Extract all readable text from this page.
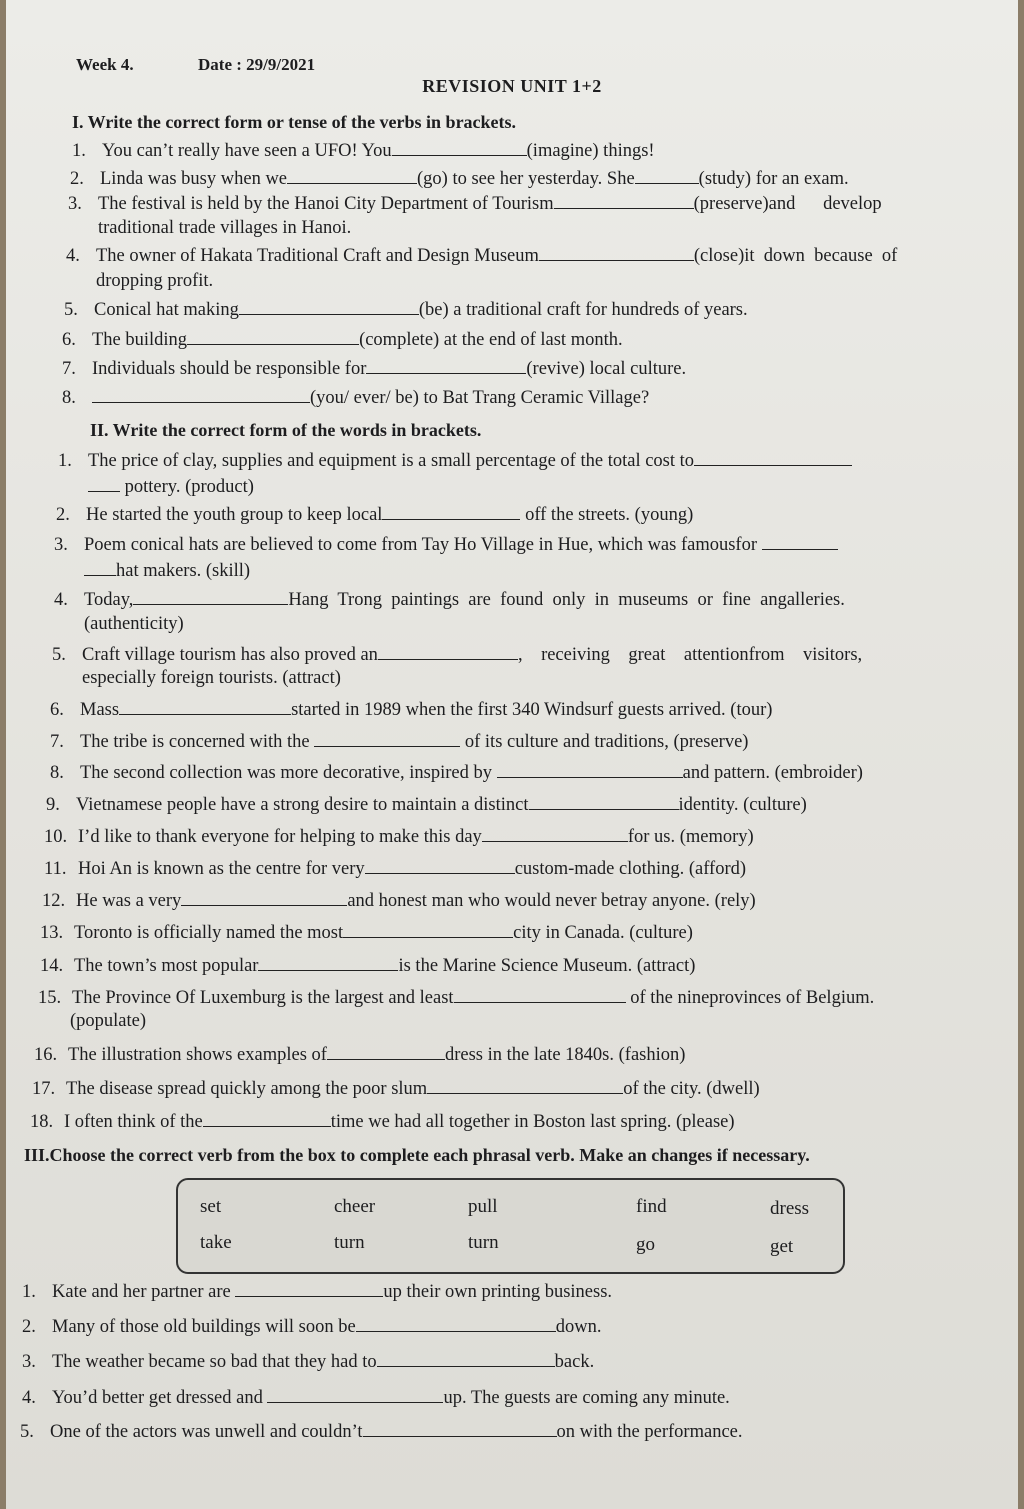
Week 4.	Date : 29/9/2021
REVISION UNIT 1+2
I. Write the correct form or tense of the verbs in brackets.
1. You can’t really have seen a UFO! You	(imagine) things!
2. Linda was busy when we	(go) to see her yesterday. She	(study) for an exam.
3. The festival is held by the Hanoi City Department of Tourism	(preserve)and      develop
traditional trade villages in Hanoi.
4. The owner of Hakata Traditional Craft and Design Museum	(close)it  down  because  of
dropping profit.
5. Conical hat making	(be) a traditional craft for hundreds of years.
6. The building	(complete) at the end of last month.
7. Individuals should be responsible for	(revive) local culture.
8.	(you/ ever/ be) to Bat Trang Ceramic Village?
II. Write the correct form of the words in brackets.
1. The price of clay, supplies and equipment is a small percentage of the total cost to
pottery. (product)
2. He started the youth group to keep local	off the streets. (young)
3. Poem conical hats are believed to come from Tay Ho Village in Hue, which was famousfor
hat makers. (skill)
4. Today,	Hang  Trong  paintings  are  found  only  in  museums  or  fine  angalleries.
(authenticity)
5. Craft village tourism has also proved an	,    receiving    great    attentionfrom    visitors,
especially foreign tourists. (attract)
6. Mass	started in 1989 when the first 340 Windsurf guests arrived. (tour)
7. The tribe is concerned with the	of its culture and traditions, (preserve)
8. The second collection was more decorative, inspired by	and pattern. (embroider)
9. Vietnamese people have a strong desire to maintain a distinct	identity. (culture)
10. I’d like to thank everyone for helping to make this day	for us. (memory)
11. Hoi An is known as the centre for very	custom-made clothing. (afford)
12. He was a very	and honest man who would never betray anyone. (rely)
13. Toronto is officially named the most	city in Canada. (culture)
14. The town’s most popular	is the Marine Science Museum. (attract)
15. The Province Of Luxemburg is the largest and least	of the nineprovinces of Belgium.
(populate)
16. The illustration shows examples of	dress in the late 1840s. (fashion)
17. The disease spread quickly among the poor slum	of the city. (dwell)
18. I often think of the	time we had all together in Boston last spring. (please)
III.Choose the correct verb from the box to complete each phrasal verb. Make an changes if necessary.
set	cheer	pull	find	dress
take	turn	turn	go	get
1. Kate and her partner are	up their own printing business.
2. Many of those old buildings will soon be	down.
3. The weather became so bad that they had to	back.
4. You’d better get dressed and	up. The guests are coming any minute.
5. One of the actors was unwell and couldn’t	on with the performance.
